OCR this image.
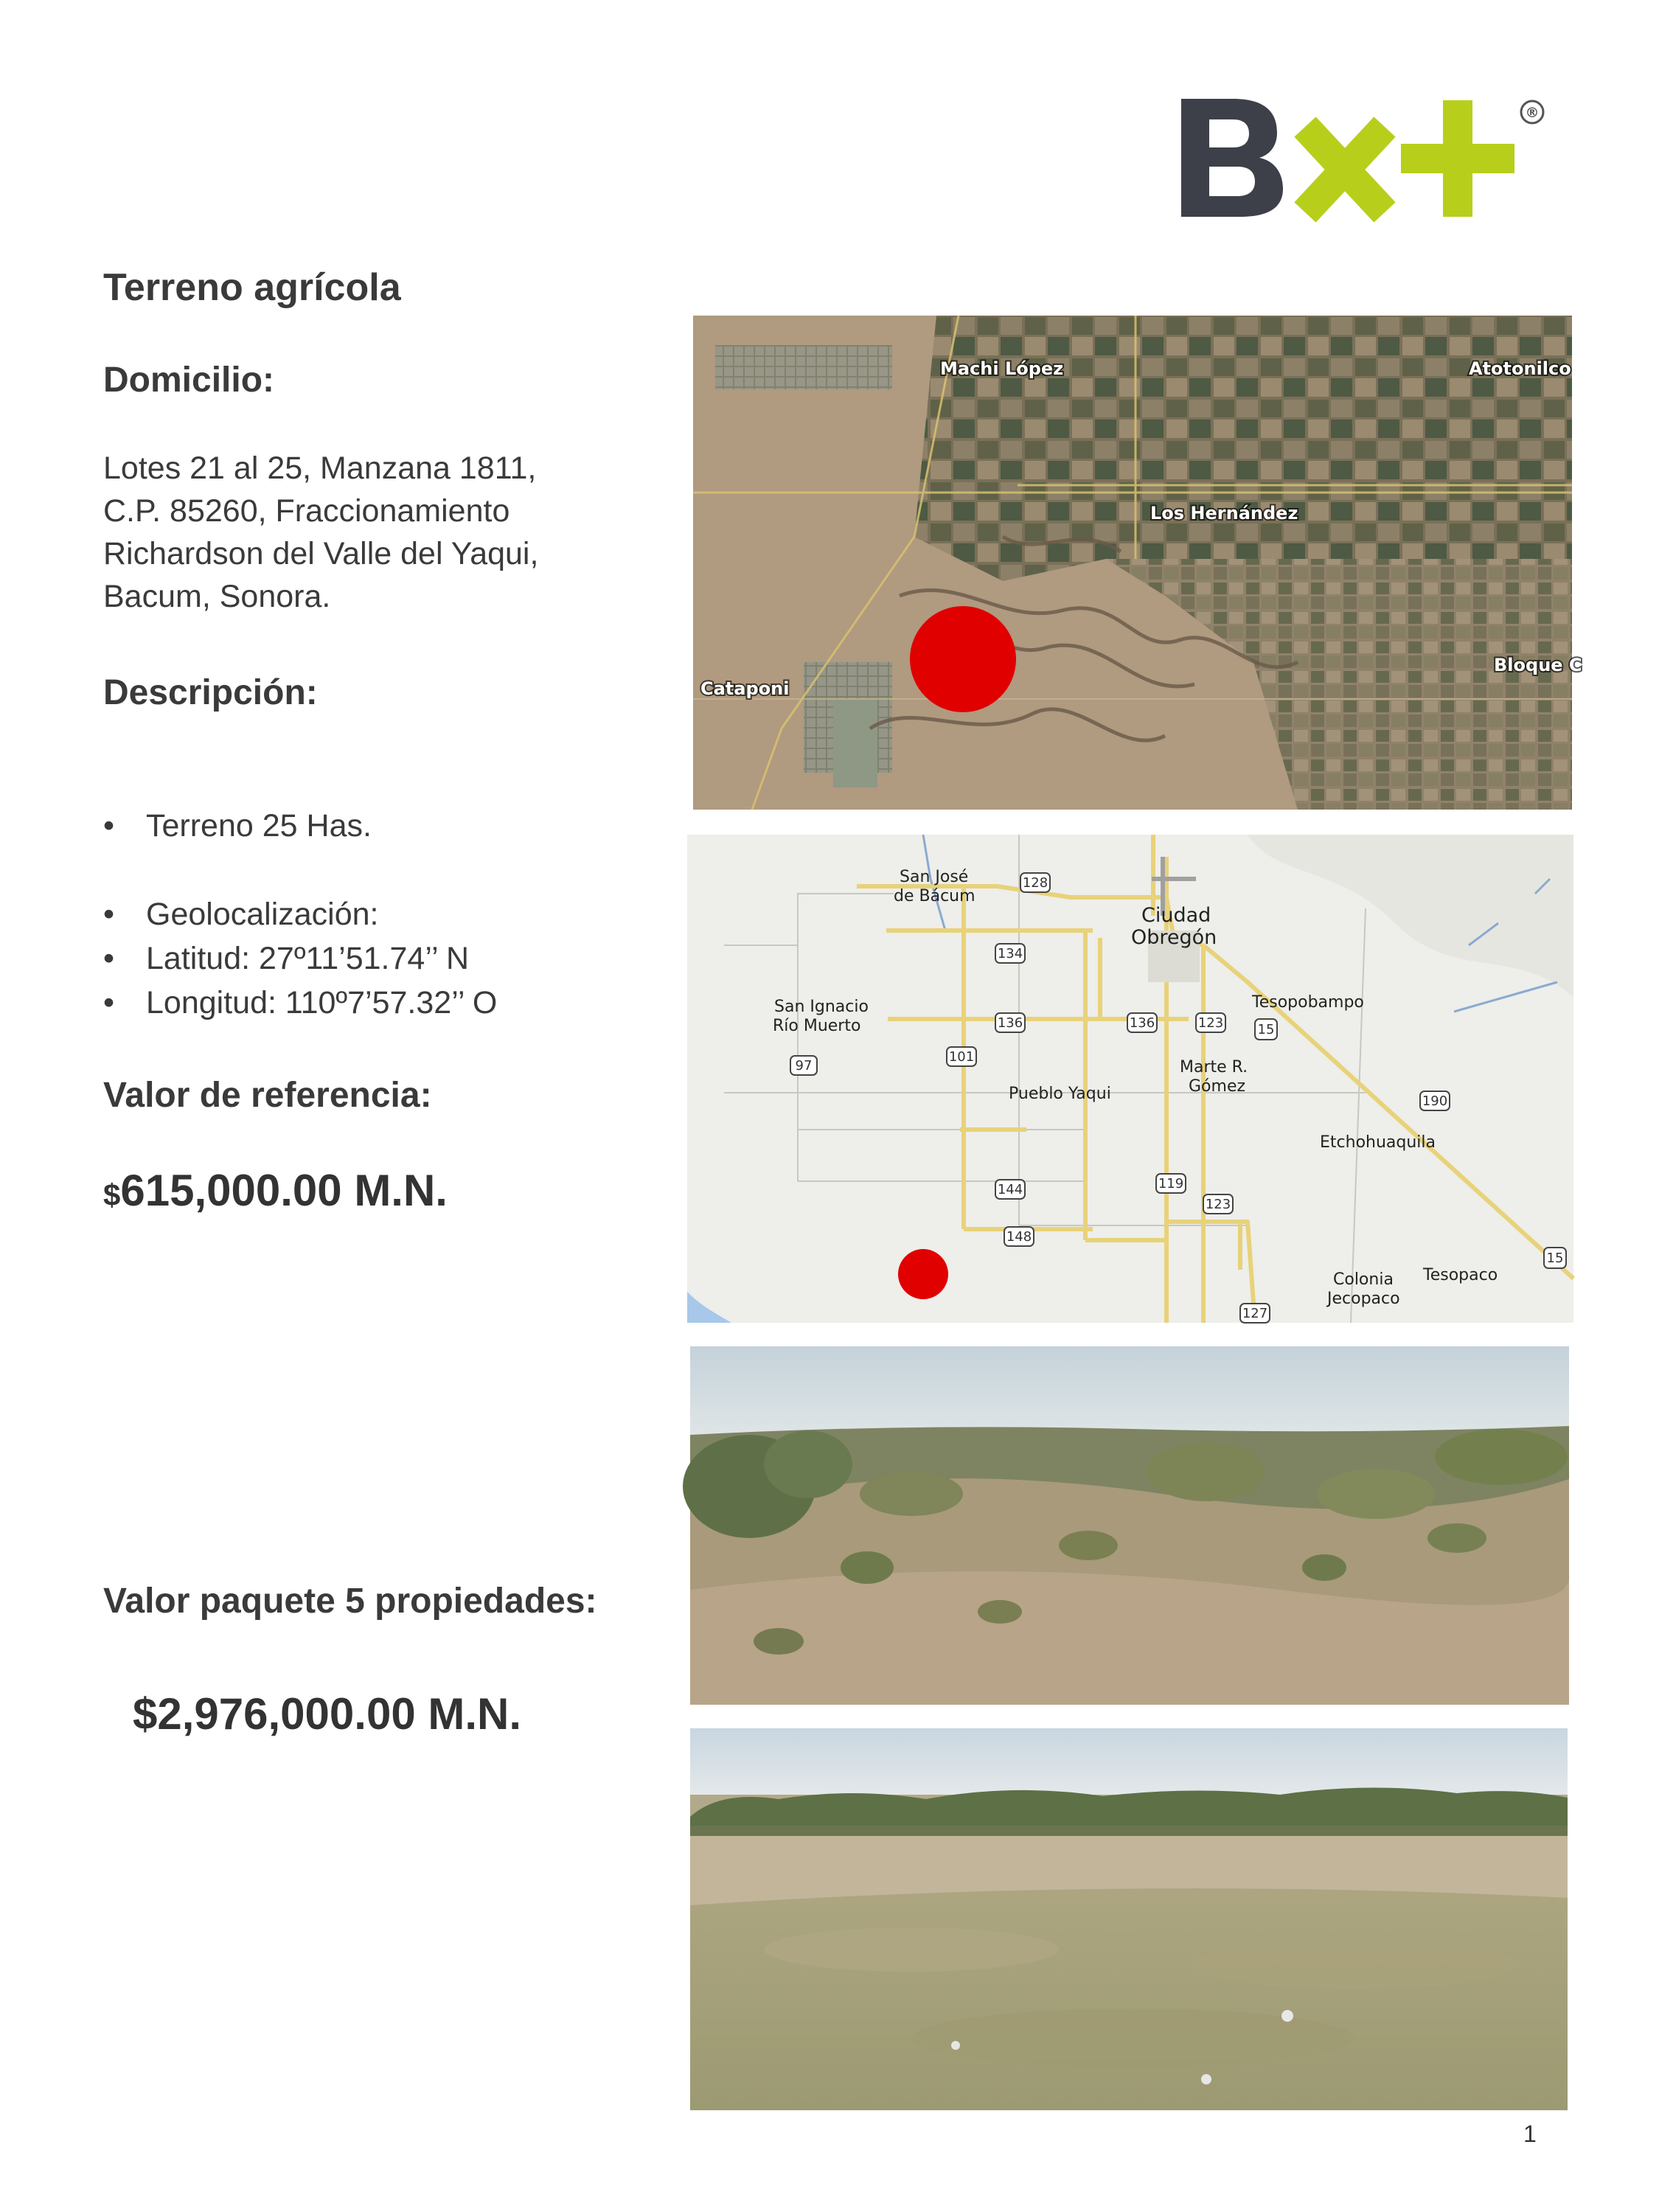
®
Terreno agrícola
Domicilio:
Lotes 21 al 25, Manzana 1811,
C.P. 85260, Fraccionamiento
Richardson del Valle del Yaqui,
Bacum, Sonora.
Descripción:
• Terreno 25 Has.
• Geolocalización:
• Latitud: 27º11’51.74’’ N
• Longitud: 110º7’57.32’’ O
Valor de referencia:
$615,000.00 M.N.
Valor paquete 5 propiedades:
$2,976,000.00 M.N.
Machi López	Atotonilco
Los Hernández
Cataponi
Bloque C
128
134
136	136	123	15
101
97
190
119
144
123
148
127
15
San José
de Bácum
Ciudad
Obregón
Tesopobampo
San Ignacio
Río Muerto
Pueblo Yaqui
Marte R.
Gómez
Etchohuaquila
Colonia
Jecopaco
Tesopaco
1
